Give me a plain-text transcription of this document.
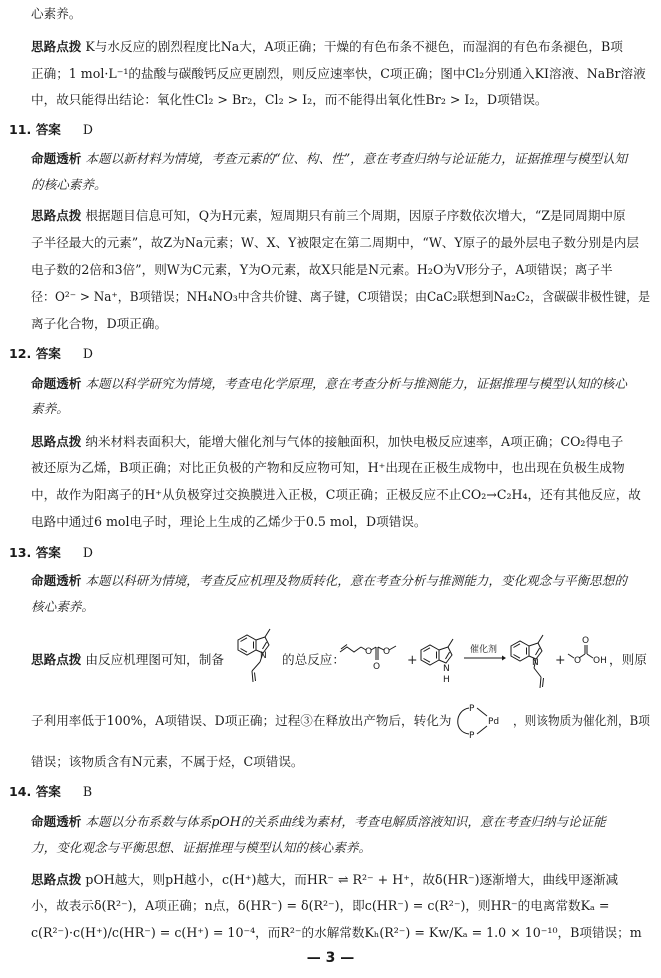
心素养。
思路点拨 K与水反应的剧烈程度比Na大，A项正确；干燥的有色布条不褪色，而湿润的有色布条褪色，B项
正确；1 mol·L⁻¹的盐酸与碳酸钙反应更剧烈，则反应速率快，C项正确；图中Cl₂分别通入KI溶液、NaBr溶液
中，故只能得出结论：氧化性Cl₂ > Br₂，Cl₂ > I₂，而不能得出氧化性Br₂ > I₂，D项错误。
11. 答案 D
命题透析 本题以新材料为情境，考查元素的“位、构、性”，意在考查归纳与论证能力，证据推理与模型认知
的核心素养。
思路点拨 根据题目信息可知，Q为H元素，短周期只有前三个周期，因原子序数依次增大，“Z是同周期中原
子半径最大的元素”，故Z为Na元素；W、X、Y被限定在第二周期中，“W、Y原子的最外层电子数分别是内层
电子数的2倍和3倍”，则W为C元素，Y为O元素，故X只能是N元素。H₂O为V形分子，A项错误；离子半
径：O²⁻ > Na⁺，B项错误；NH₄NO₃中含共价键、离子键，C项错误；由CaC₂联想到Na₂C₂，含碳碳非极性键，是
离子化合物，D项正确。
12. 答案 D
命题透析 本题以科学研究为情境，考查电化学原理，意在考查分析与推测能力，证据推理与模型认知的核心
素养。
思路点拨 纳米材料表面积大，能增大催化剂与气体的接触面积，加快电极反应速率，A项正确；CO₂得电子
被还原为乙烯，B项正确；对比正负极的产物和反应物可知，H⁺出现在正极生成物中，也出现在负极生成物
中，故作为阳离子的H⁺从负极穿过交换膜进入正极，C项正确；正极反应不止CO₂→C₂H₄，还有其他反应，故
电路中通过6 mol电子时，理论上生成的乙烯少于0.5 mol，D项错误。
13. 答案 D
命题透析 本题以科研为情境，考查反应机理及物质转化，意在考查分析与推测能力，变化观念与平衡思想的
核心素养。
思路点拨 由反应机理图可知，制备	的总反应：	，则原
N	O
O
O +
N
H
催化剂
N + O
O
OH
子利用率低于100%，A项错误、D项正确；过程③在释放出产物后，转化为
P
P
Pd ，则该物质为催化剂，B项
错误；该物质含有N元素，不属于烃，C项错误。
14. 答案 B
命题透析 本题以分布系数与体系pOH的关系曲线为素材，考查电解质溶液知识，意在考查归纳与论证能
力，变化观念与平衡思想、证据推理与模型认知的核心素养。
思路点拨 pOH越大，则pH越小，c(H⁺)越大，而HR⁻ ⇌ R²⁻ + H⁺，故δ(HR⁻)逐渐增大，曲线甲逐渐减
小，故表示δ(R²⁻)，A项正确；n点，δ(HR⁻) = δ(R²⁻)，即c(HR⁻) = c(R²⁻)，则HR⁻的电离常数Kₐ =
c(R²⁻)·c(H⁺)/c(HR⁻) = c(H⁺) = 10⁻⁴，而R²⁻的水解常数Kₕ(R²⁻) = Kw/Kₐ = 1.0 × 10⁻¹⁰，B项错误；m
— 3 —
